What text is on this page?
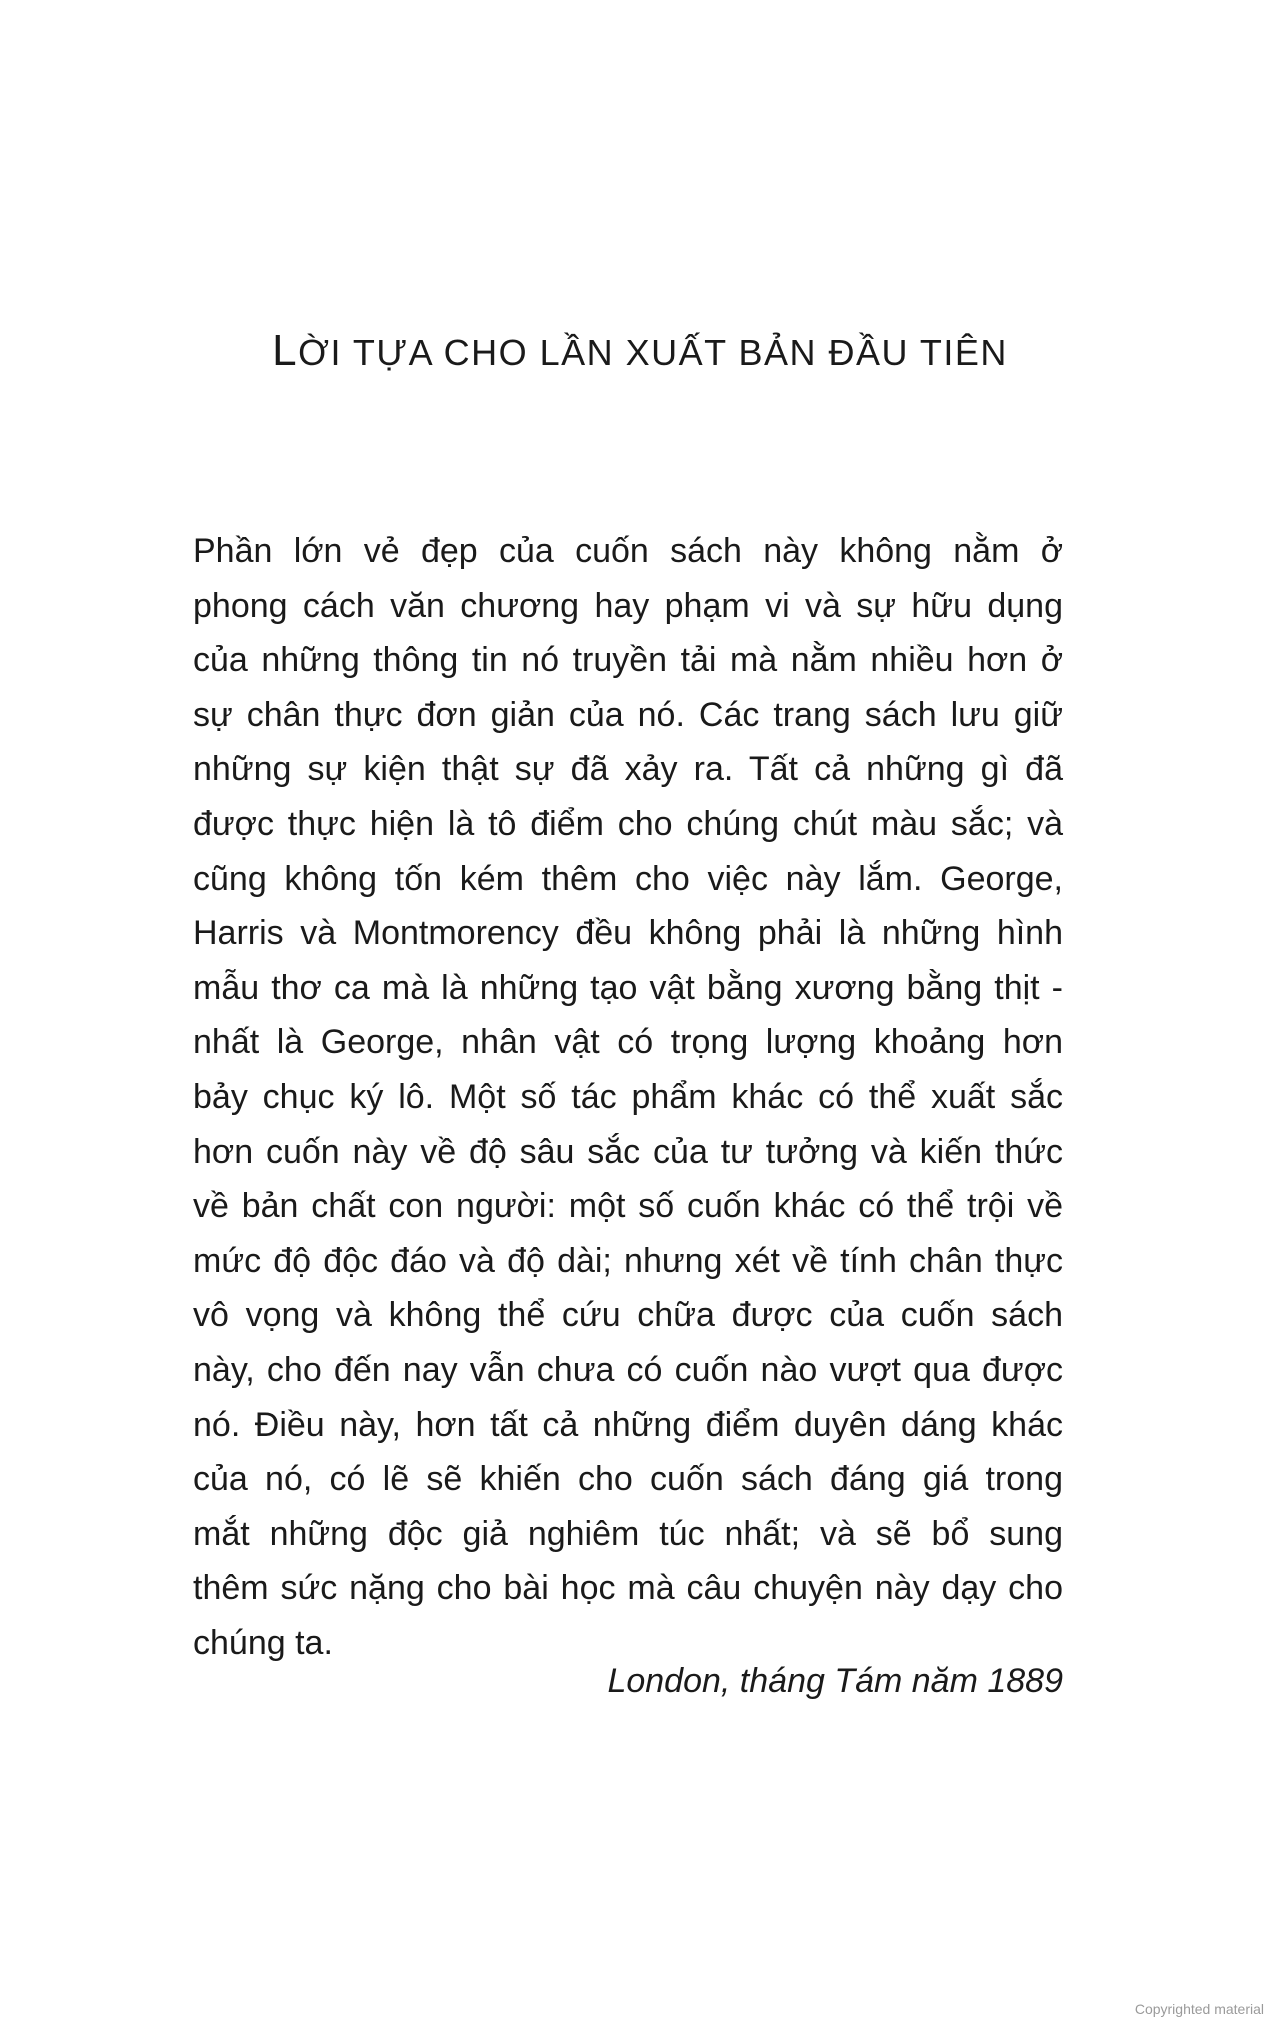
LỜI TỰA CHO LẦN XUẤT BẢN ĐẦU TIÊN
Phần lớn vẻ đẹp của cuốn sách này không nằm ở
phong cách văn chương hay phạm vi và sự hữu dụng
của những thông tin nó truyền tải mà nằm nhiều hơn ở
sự chân thực đơn giản của nó. Các trang sách lưu giữ
những sự kiện thật sự đã xảy ra. Tất cả những gì đã
được thực hiện là tô điểm cho chúng chút màu sắc; và
cũng không tốn kém thêm cho việc này lắm. George,
Harris và Montmorency đều không phải là những hình
mẫu thơ ca mà là những tạo vật bằng xương bằng thịt -
nhất là George, nhân vật có trọng lượng khoảng hơn
bảy chục ký lô. Một số tác phẩm khác có thể xuất sắc
hơn cuốn này về độ sâu sắc của tư tưởng và kiến thức
về bản chất con người: một số cuốn khác có thể trội về
mức độ độc đáo và độ dài; nhưng xét về tính chân thực
vô vọng và không thể cứu chữa được của cuốn sách
này, cho đến nay vẫn chưa có cuốn nào vượt qua được
nó. Điều này, hơn tất cả những điểm duyên dáng khác
của nó, có lẽ sẽ khiến cho cuốn sách đáng giá trong
mắt những độc giả nghiêm túc nhất; và sẽ bổ sung
thêm sức nặng cho bài học mà câu chuyện này dạy cho
chúng ta.
London, tháng Tám năm 1889
Copyrighted material
